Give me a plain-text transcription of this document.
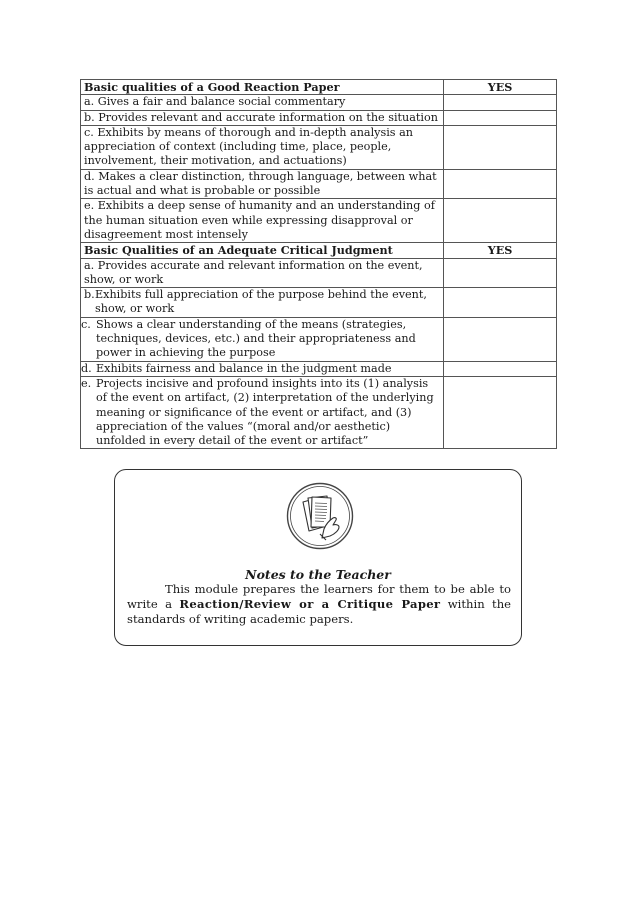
Basic qualities of a Good Reaction Paper	YES
a. Gives a fair and balance social commentary	
b. Provides relevant and accurate information on the situation	
c. Exhibits by means of thorough and in-depth analysis an appreciation of context (including time, place, people, involvement, their motivation, and actuations)	
d. Makes a clear distinction, through language, between what is actual and what is probable or possible	
e. Exhibits a deep sense of humanity and an understanding of the human situation even while expressing disapproval or disagreement most intensely	
Basic Qualities of an Adequate Critical Judgment	YES
a. Provides accurate and relevant information on the event, show, or work	

b. Exhibits full appreciation of the purpose behind the event, show, or work	

c. Shows a clear understanding of the means (strategies, techniques, devices, etc.) and their appropriateness and power in achieving the purpose	

d. Exhibits fairness and balance in the judgment made	

e. Projects incisive and profound insights into its (1) analysis of the event on artifact, (2) interpretation of the underlying meaning or significance of the event or artifact, and (3) appreciation of the values “(moral and/or aesthetic) unfolded in every detail of the event or artifact”	

Notes to the Teacher
This module prepares the learners for them to be able to
write a Reaction/Review or a Critique Paper within the
standards of writing academic papers.
